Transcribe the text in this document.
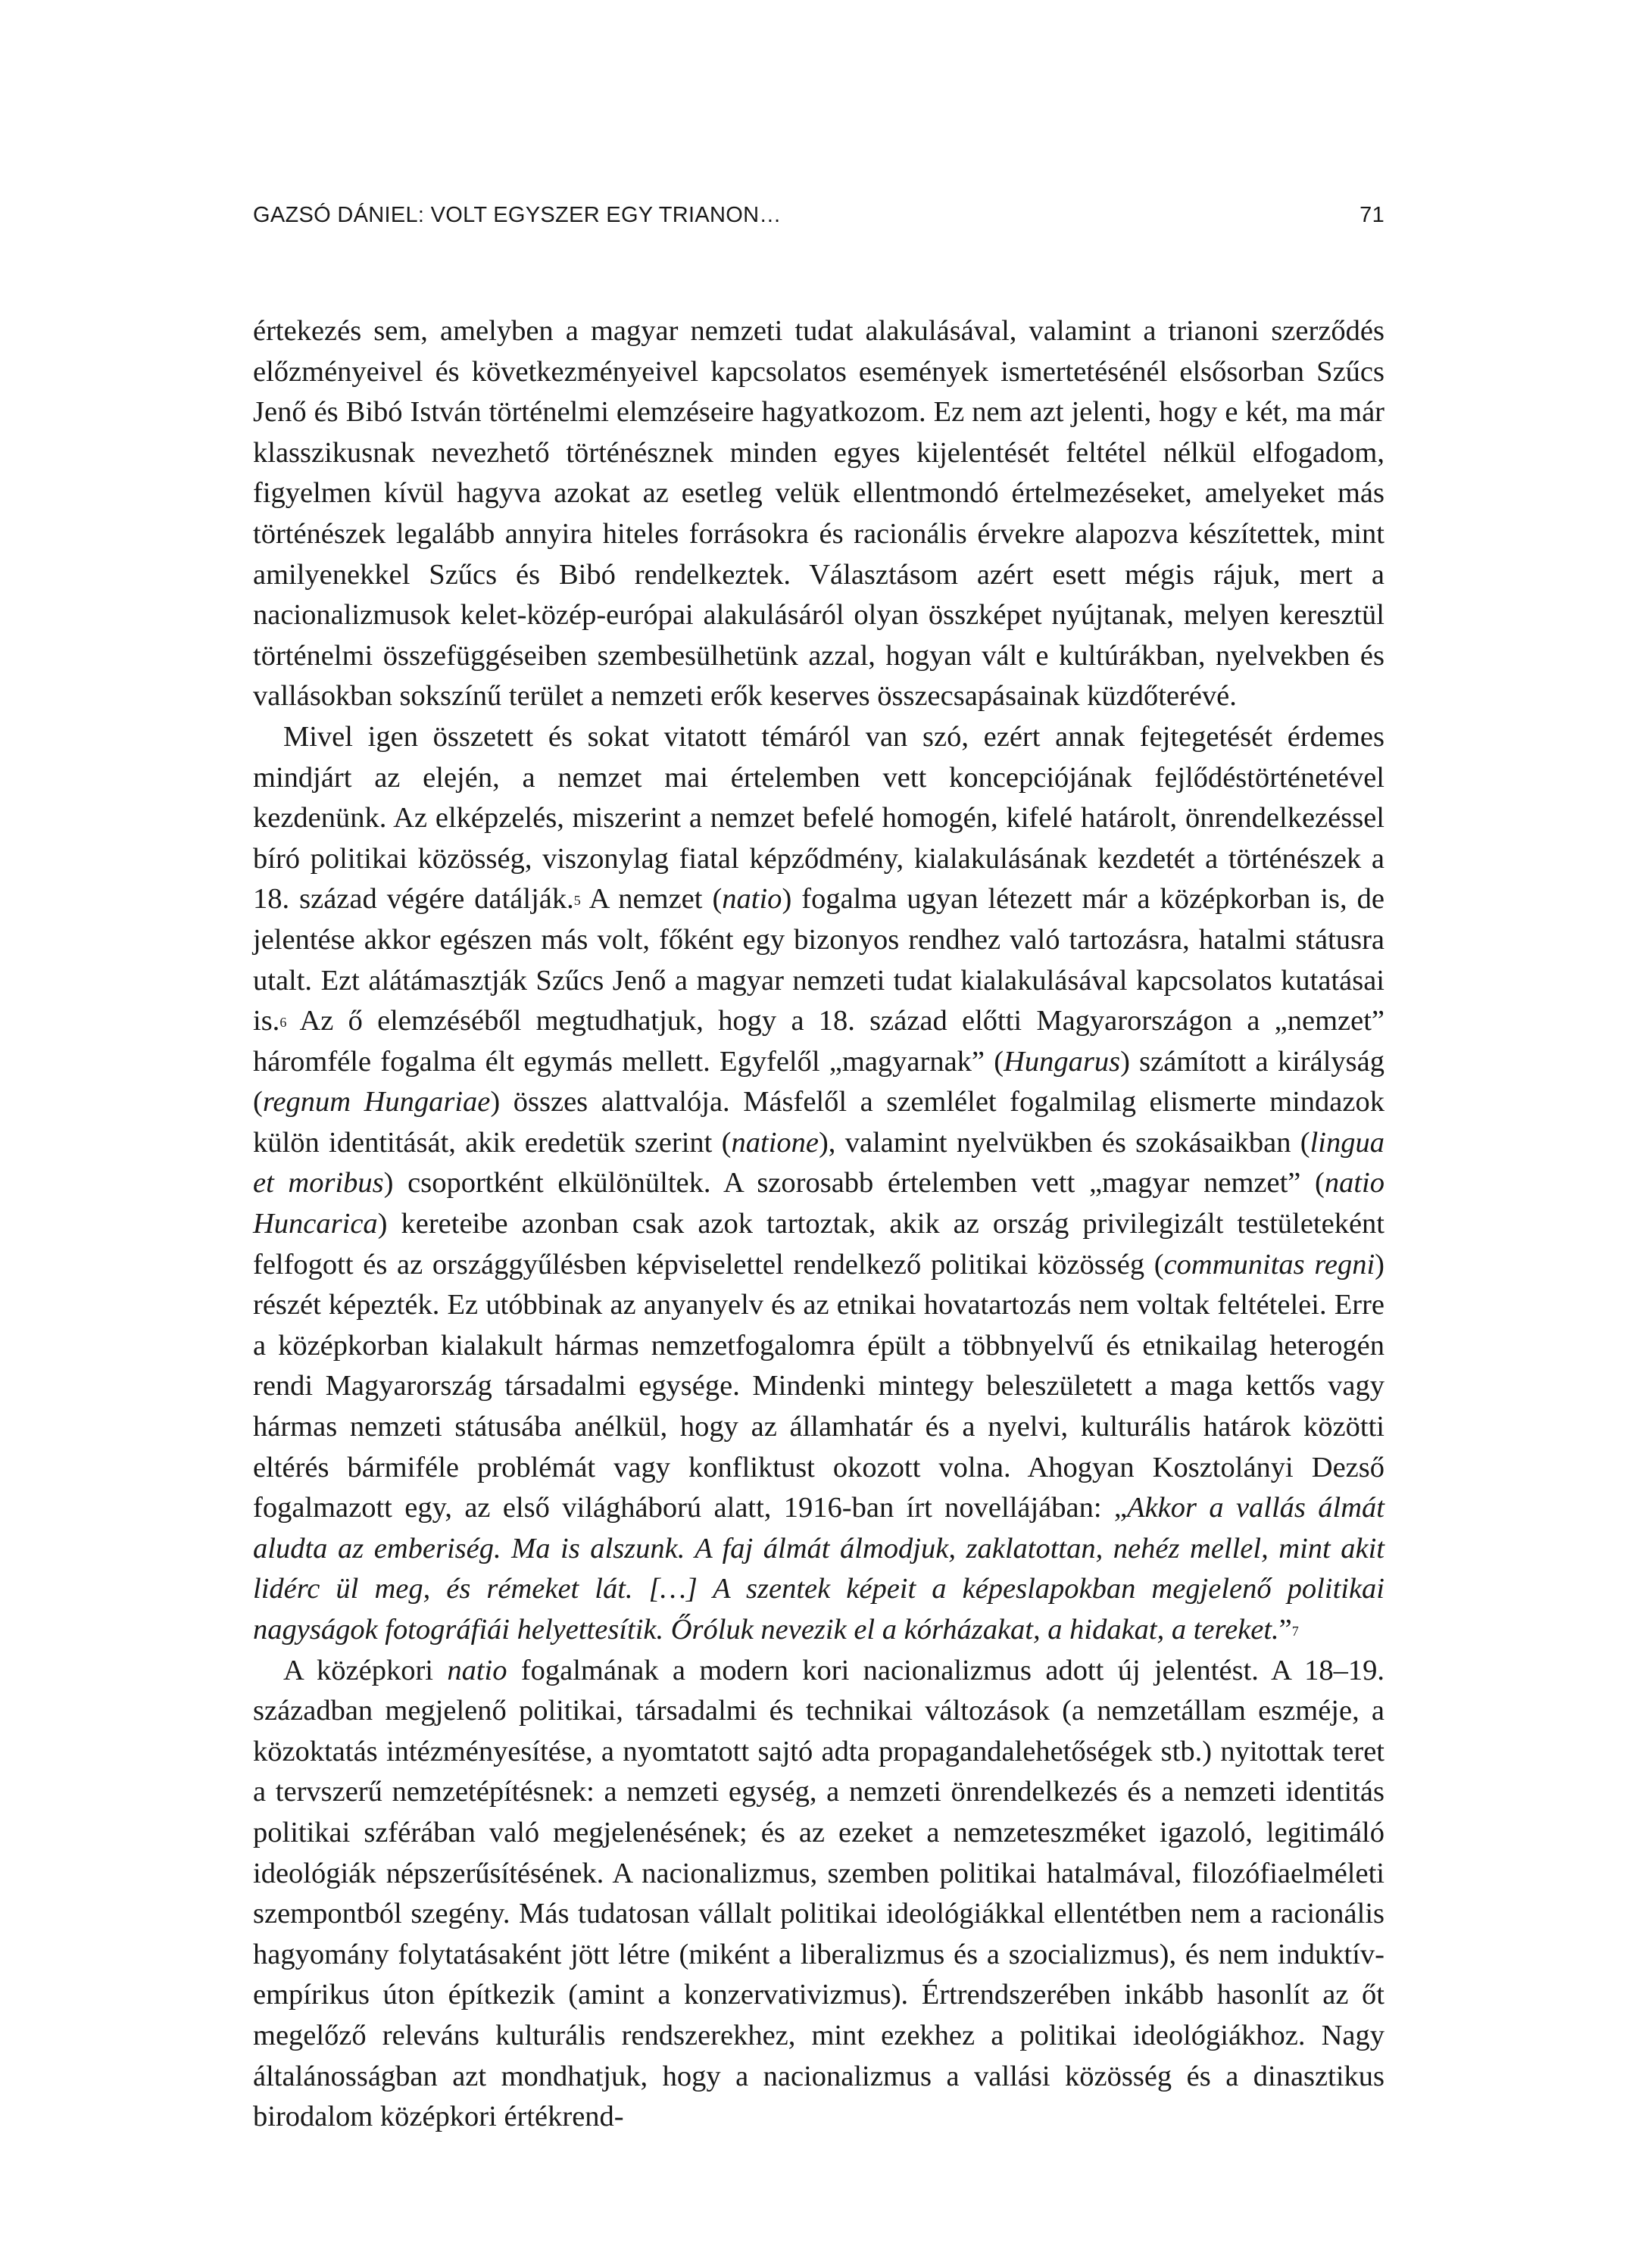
GAZSÓ DÁNIEL: VOLT EGYSZER EGY TRIANON…	71

értekezés sem, amelyben a magyar nemzeti tudat alakulásával, valamint a trianoni szerződés előzményeivel és következményeivel kapcsolatos események ismertetésénél elsősorban Szűcs Jenő és Bibó István történelmi elemzéseire hagyatkozom. Ez nem azt jelenti, hogy e két, ma már klasszikusnak nevezhető történésznek minden egyes kijelentését feltétel nélkül elfogadom, figyelmen kívül hagyva azokat az esetleg velük ellentmondó értelmezéseket, amelyeket más történészek legalább annyira hiteles forrásokra és racionális érvekre alapozva készítettek, mint amilyenekkel Szűcs és Bibó rendelkeztek. Választásom azért esett mégis rájuk, mert a nacionalizmusok kelet-közép-európai alakulásáról olyan összképet nyújtanak, melyen keresztül történelmi összefüggéseiben szembesülhetünk azzal, hogyan vált e kultúrákban, nyelvekben és vallásokban sokszínű terület a nemzeti erők keserves összecsapásainak küzdőterévé.

Mivel igen összetett és sokat vitatott témáról van szó, ezért annak fejtegetését érdemes mindjárt az elején, a nemzet mai értelemben vett koncepciójának fejlődéstörténetével kezdenünk. Az elképzelés, miszerint a nemzet befelé homogén, kifelé határolt, önrendelkezéssel bíró politikai közösség, viszonylag fiatal képződmény, kialakulásának kezdetét a történészek a 18. század végére datálják.$^5$ A nemzet (natio) fogalma ugyan létezett már a középkorban is, de jelentése akkor egészen más volt, főként egy bizonyos rendhez való tartozásra, hatalmi státusra utalt. Ezt alátámasztják Szűcs Jenő a magyar nemzeti tudat kialakulásával kapcsolatos kutatásai is.$^6$ Az ő elemzéséből megtudhatjuk, hogy a 18. század előtti Magyarországon a „nemzet” háromféle fogalma élt egymás mellett. Egyfelől „magyarnak” (Hungarus) számított a királyság (regnum Hungariae) összes alattvalója. Másfelől a szemlélet fogalmilag elismerte mindazok külön identitását, akik eredetük szerint (natione), valamint nyelvükben és szokásaikban (lingua et moribus) csoportként elkülönültek. A szorosabb értelemben vett „magyar nemzet” (natio Huncarica) kereteibe azonban csak azok tartoztak, akik az ország privilegizált testületeként felfogott és az országgyűlésben képviselettel rendelkező politikai közösség (communitas regni) részét képezték. Ez utóbbinak az anyanyelv és az etnikai hovatartozás nem voltak feltételei. Erre a középkorban kialakult hármas nemzetfogalomra épült a többnyelvű és etnikailag heterogén rendi Magyarország társadalmi egysége. Mindenki mintegy beleszületett a maga kettős vagy hármas nemzeti státusába anélkül, hogy az államhatár és a nyelvi, kulturális határok közötti eltérés bármiféle problémát vagy konfliktust okozott volna. Ahogyan Kosztolányi Dezső fogalmazott egy, az első világháború alatt, 1916-ban írt novellájában: „Akkor a vallás álmát aludta az emberiség. Ma is alszunk. A faj álmát álmodjuk, zaklatottan, nehéz mellel, mint akit lidérc ül meg, és rémeket lát. […] A szentek képeit a képeslapokban megjelenő politikai nagyságok fotográfiái helyettesítik. Őróluk nevezik el a kórházakat, a hidakat, a tereket.”$^7$

A középkori natio fogalmának a modern kori nacionalizmus adott új jelentést. A 18–19. században megjelenő politikai, társadalmi és technikai változások (a nemzetállam eszméje, a közoktatás intézményesítése, a nyomtatott sajtó adta propagandalehetőségek stb.) nyitottak teret a tervszerű nemzetépítésnek: a nemzeti egység, a nemzeti önrendelkezés és a nemzeti identitás politikai szférában való megjelenésének; és az ezeket a nemzeteszméket igazoló, legitimáló ideológiák népszerűsítésének. A nacionalizmus, szemben politikai hatalmával, filozófiaelméleti szempontból szegény. Más tudatosan vállalt politikai ideológiákkal ellentétben nem a racionális hagyomány folytatásaként jött létre (miként a liberalizmus és a szocializmus), és nem induktív-empírikus úton építkezik (amint a konzervativizmus). Értrendszerében inkább hasonlít az őt megelőző releváns kulturális rendszerekhez, mint ezekhez a politikai ideológiákhoz. Nagy általánosságban azt mondhatjuk, hogy a nacionalizmus a vallási közösség és a dinasztikus birodalom középkori értékrend-
